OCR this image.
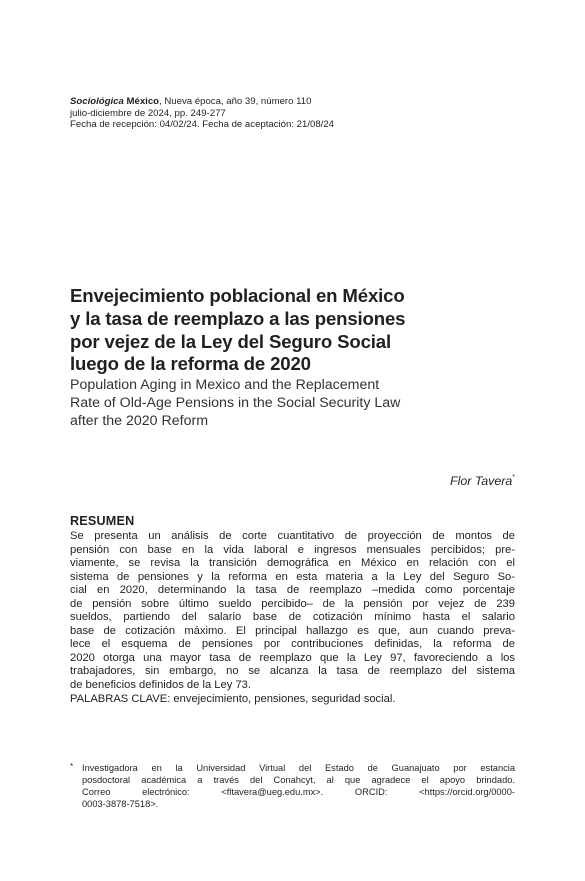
Sociológica México, Nueva época, año 39, número 110
julio-diciembre de 2024, pp. 249-277
Fecha de recepción: 04/02/24. Fecha de aceptación: 21/08/24
Envejecimiento poblacional en México
y la tasa de reemplazo a las pensiones
por vejez de la Ley del Seguro Social
luego de la reforma de 2020
Population Aging in Mexico and the Replacement
Rate of Old-Age Pensions in the Social Security Law
after the 2020 Reform
Flor Tavera*
RESUMEN
Se presenta un análisis de corte cuantitativo de proyección de montos de
pensión con base en la vida laboral e ingresos mensuales percibidos; pre-
viamente, se revisa la transición demográfica en México en relación con el
sistema de pensiones y la reforma en esta materia a la Ley del Seguro So-
cial en 2020, determinando la tasa de reemplazo –medida como porcentaje
de pensión sobre último sueldo percibido– de la pensión por vejez de 239
sueldos, partiendo del salario base de cotización mínimo hasta el salario
base de cotización máximo. El principal hallazgo es que, aun cuando preva-
lece el esquema de pensiones por contribuciones definidas, la reforma de
2020 otorga una mayor tasa de reemplazo que la Ley 97, favoreciendo a los
trabajadores, sin embargo, no se alcanza la tasa de reemplazo del sistema
de beneficios definidos de la Ley 73.
PALABRAS CLAVE: envejecimiento, pensiones, seguridad social.
* Investigadora en la Universidad Virtual del Estado de Guanajuato por estancia
posdoctoral académica a través del Conahcyt, al que agradece el apoyo brindado.
Correo electrónico: <fltavera@ueg.edu.mx>. ORCID: <https://orcid.org/0000-
0003-3878-7518>.
